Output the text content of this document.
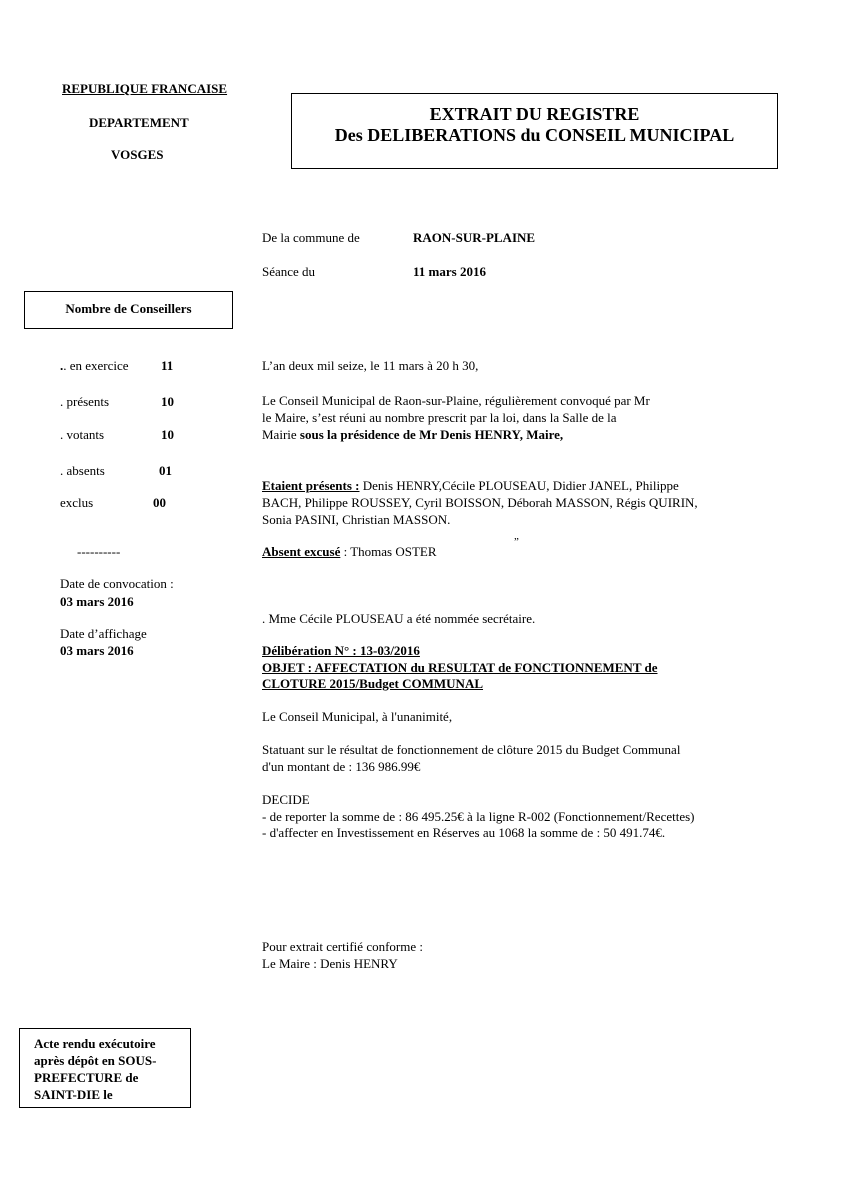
REPUBLIQUE FRANCAISE
DEPARTEMENT
VOSGES
EXTRAIT DU REGISTRE
Des DELIBERATIONS du CONSEIL MUNICIPAL
De la commune de	RAON-SUR-PLAINE
Séance du	11 mars 2016
Nombre de Conseillers
.. en exercice 11
. présents	10
. votants	10
. absents	01
exclus	00
----------
Date de convocation :
03 mars 2016
Date d’affichage
03 mars 2016
L’an deux mil seize, le 11 mars à 20 h 30,
Le Conseil Municipal de Raon-sur-Plaine, régulièrement convoqué par Mr
le Maire, s’est réuni au nombre prescrit par la loi, dans la Salle de la
Mairie sous la présidence de Mr Denis HENRY, Maire,
Etaient présents : Denis HENRY,Cécile PLOUSEAU, Didier JANEL, Philippe
BACH, Philippe ROUSSEY, Cyril BOISSON, Déborah MASSON, Régis QUIRIN,
Sonia PASINI, Christian MASSON.
„
Absent excusé : Thomas OSTER
. Mme Cécile PLOUSEAU a été nommée secrétaire.
Délibération N° : 13-03/2016
OBJET : AFFECTATION du RESULTAT de FONCTIONNEMENT de
CLOTURE 2015/Budget COMMUNAL
Le Conseil Municipal, à l'unanimité,
Statuant sur le résultat de fonctionnement de clôture 2015 du Budget Communal
d'un montant de : 136 986.99€
DECIDE
- de reporter la somme de : 86 495.25€ à la ligne R-002 (Fonctionnement/Recettes)
- d'affecter en Investissement en Réserves au 1068 la somme de : 50 491.74€.
Pour extrait certifié conforme :
Le Maire : Denis HENRY
Acte rendu exécutoire
après dépôt en SOUS-
PREFECTURE de
SAINT-DIE le
